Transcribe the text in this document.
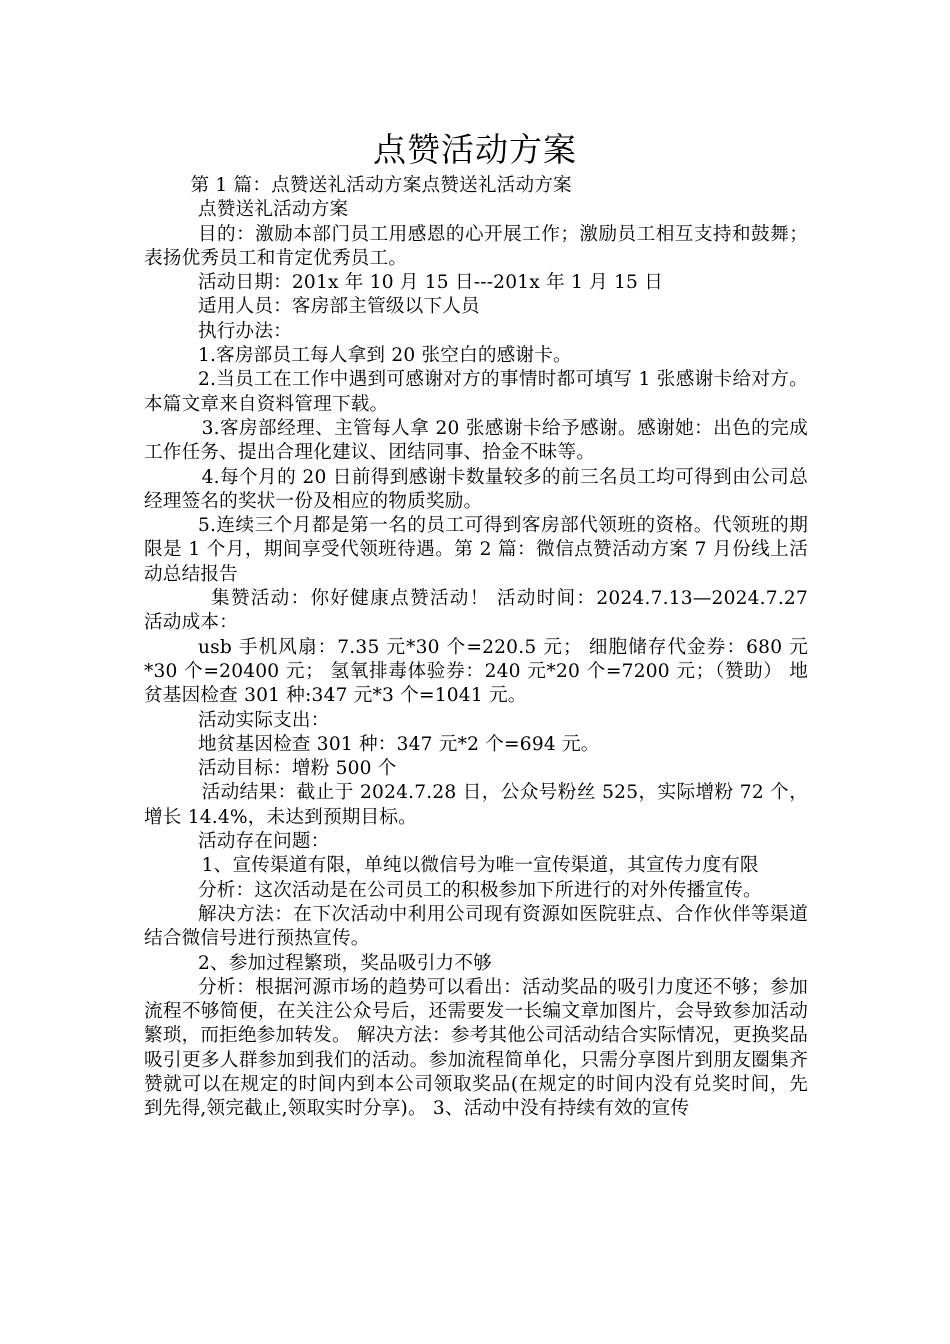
点赞活动方案

第 1 篇：点赞送礼活动方案点赞送礼活动方案

点赞送礼活动方案

目的：激励本部门员工用感恩的心开展工作；激励员工相互支持和鼓舞；表扬优秀员工和肯定优秀员工。

活动日期：201x 年 10 月 15 日---201x 年 1 月 15 日

适用人员：客房部主管级以下人员

执行办法：

1.客房部员工每人拿到 20 张空白的感谢卡。

2.当员工在工作中遇到可感谢对方的事情时都可填写 1 张感谢卡给对方。本篇文章来自资料管理下载。

3.客房部经理、主管每人拿 20 张感谢卡给予感谢。感谢她：出色的完成工作任务、提出合理化建议、团结同事、拾金不昧等。

4.每个月的 20 日前得到感谢卡数量较多的前三名员工均可得到由公司总经理签名的奖状一份及相应的物质奖励。

5.连续三个月都是第一名的员工可得到客房部代领班的资格。代领班的期限是 1 个月，期间享受代领班待遇。第 2 篇：微信点赞活动方案 7 月份线上活动总结报告

集赞活动：你好健康点赞活动！ 活动时间：2024.7.13—2024.7.27 活动成本：

usb 手机风扇：7.35 元*30 个=220.5 元； 细胞储存代金券：680 元*30 个=20400 元； 氢氧排毒体验券：240 元*20 个=7200 元；（赞助） 地贫基因检查 301 种:347 元*3 个=1041 元。

活动实际支出：

地贫基因检查 301 种：347 元*2 个=694 元。

活动目标：增粉 500 个

活动结果：截止于 2024.7.28 日，公众号粉丝 525，实际增粉 72 个，增长 14.4%，未达到预期目标。

活动存在问题：

1、宣传渠道有限，单纯以微信号为唯一宣传渠道，其宣传力度有限

分析：这次活动是在公司员工的积极参加下所进行的对外传播宣传。

解决方法：在下次活动中利用公司现有资源如医院驻点、合作伙伴等渠道结合微信号进行预热宣传。

2、参加过程繁琐，奖品吸引力不够

分析：根据河源市场的趋势可以看出：活动奖品的吸引力度还不够；参加流程不够简便，在关注公众号后，还需要发一长编文章加图片，会导致参加活动繁琐，而拒绝参加转发。 解决方法：参考其他公司活动结合实际情况，更换奖品吸引更多人群参加到我们的活动。参加流程简单化，只需分享图片到朋友圈集齐赞就可以在规定的时间内到本公司领取奖品(在规定的时间内没有兑奖时间，先到先得,领完截止,领取实时分享)。 3、活动中没有持续有效的宣传
